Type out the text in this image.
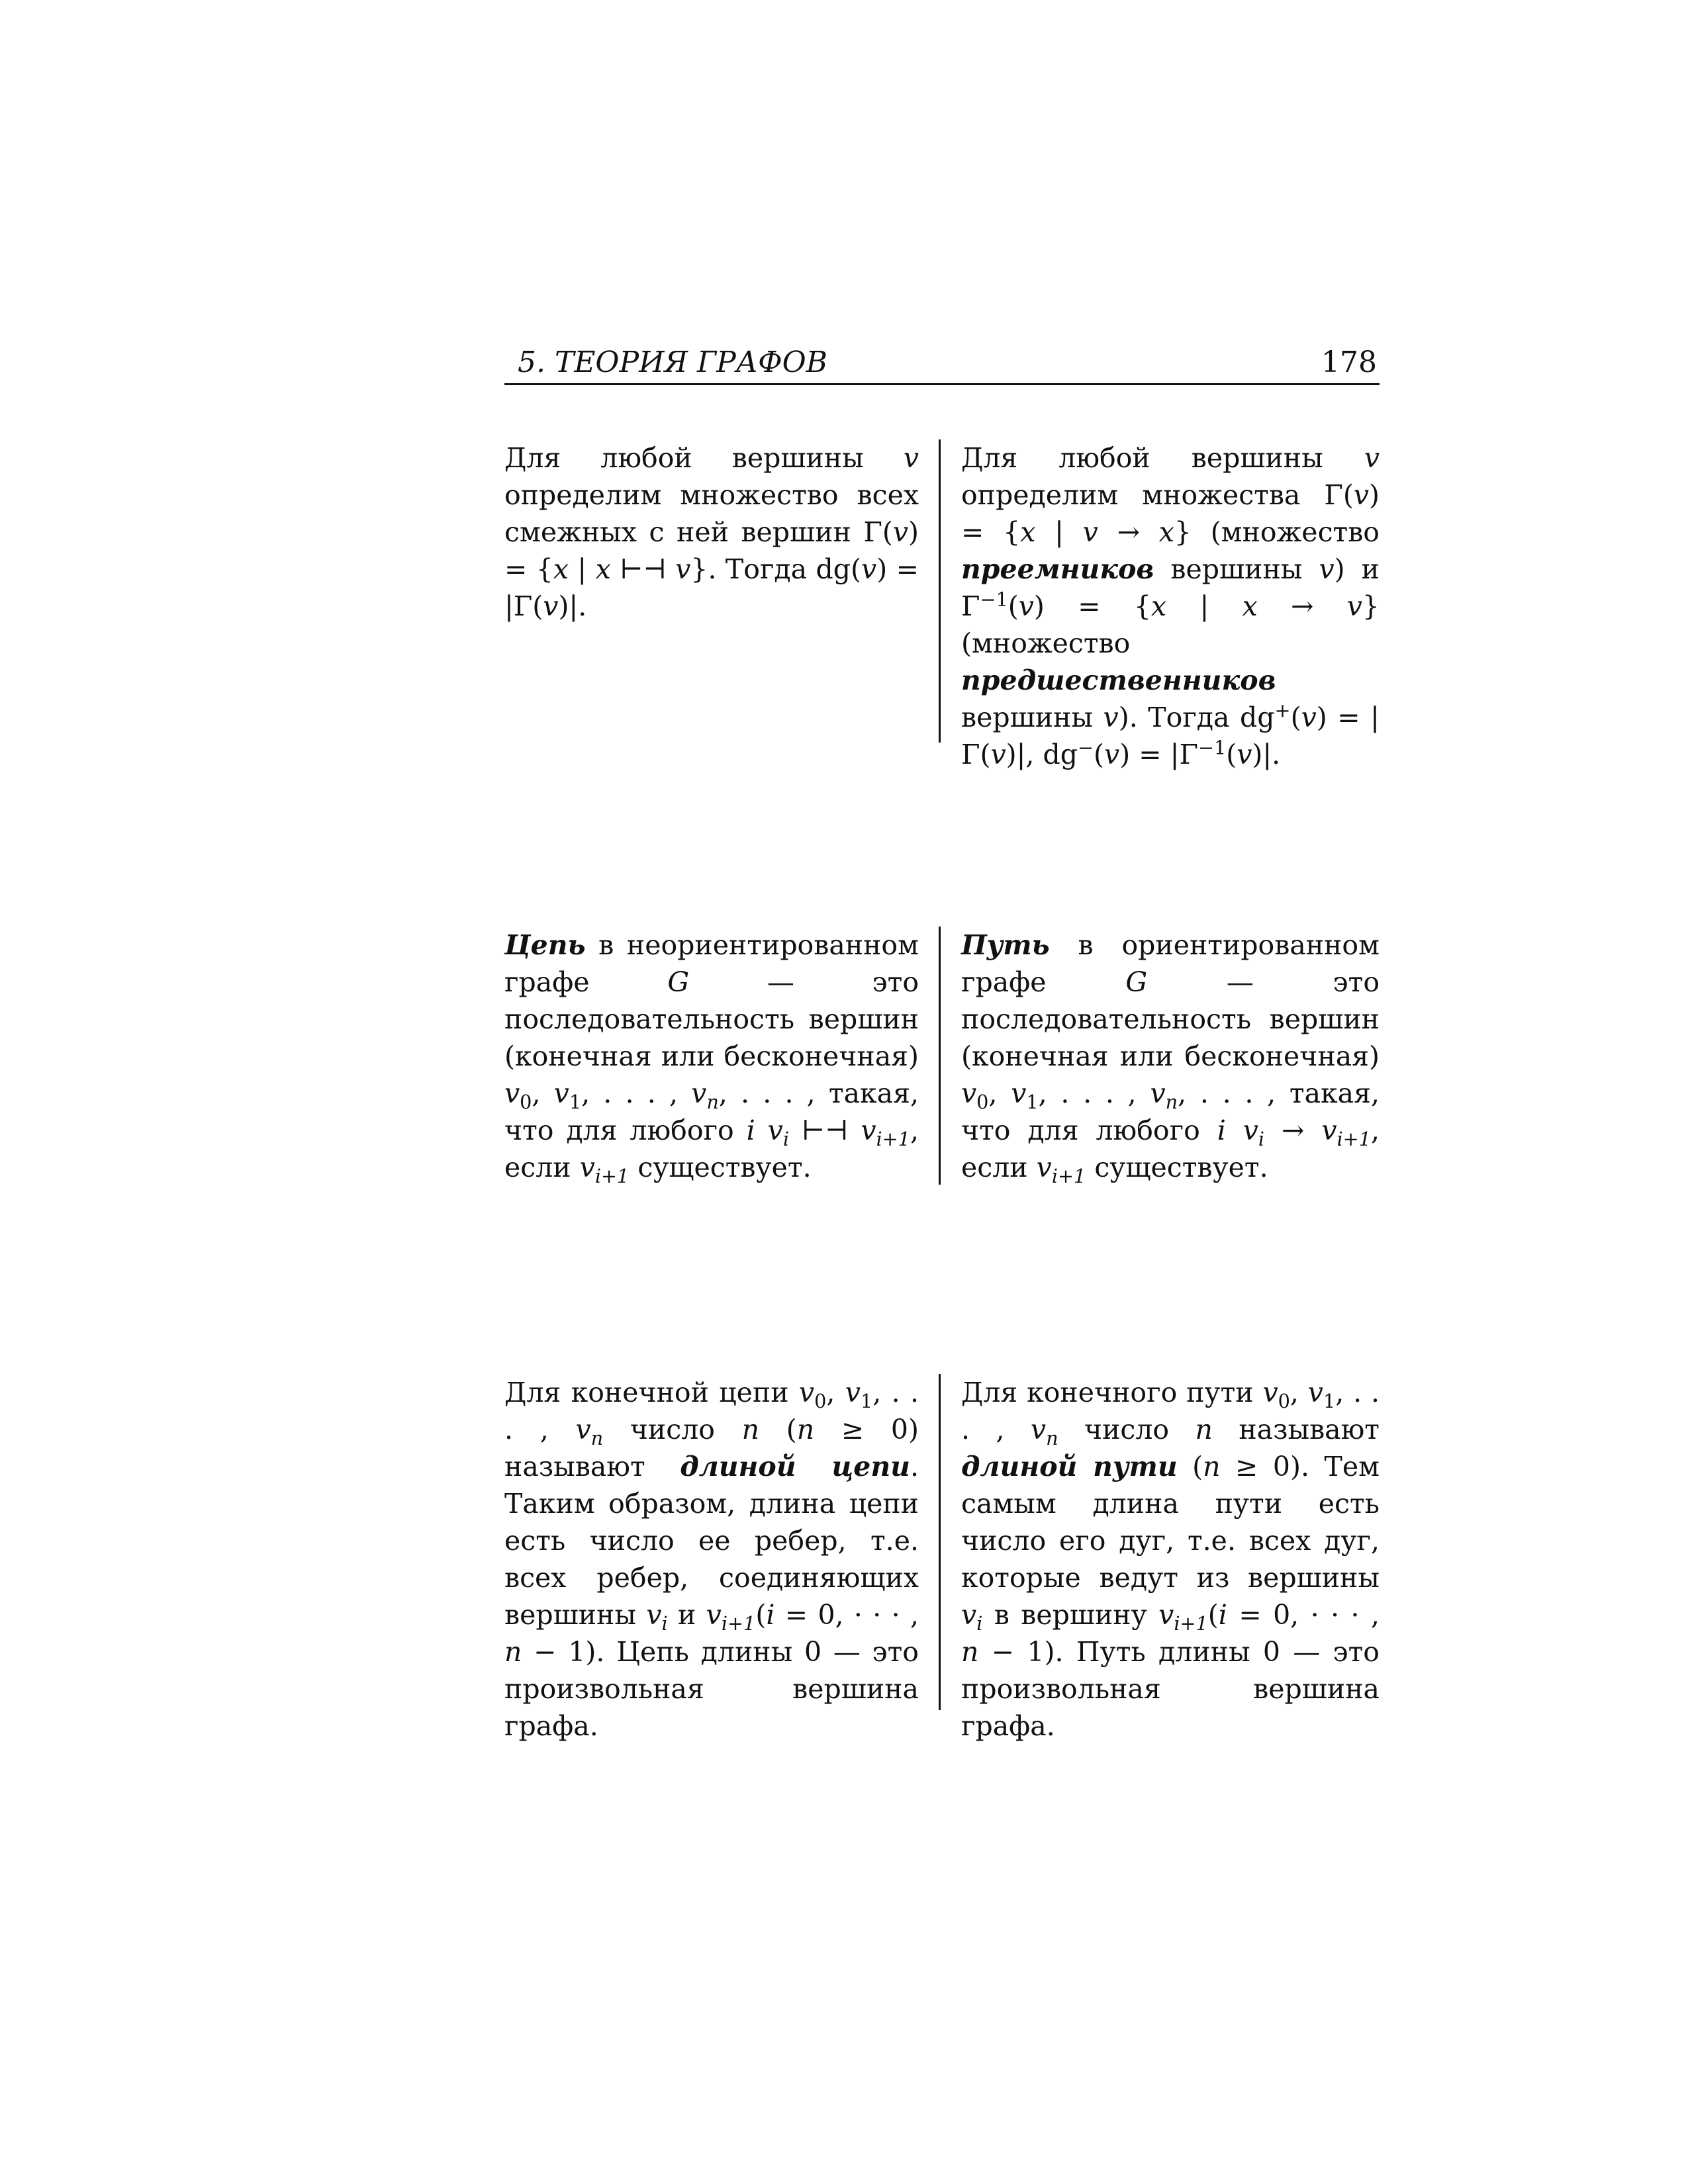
5. ТЕОРИЯ ГРАФОВ	178

Для любой вершины v определим множество всех смежных с ней вершин Γ(v) = {x | x ⊢⊣ v}. Тогда dg(v) = |Γ(v)|.

Для любой вершины v определим множества Γ(v) = {x | v → x} (множество преемников вершины v) и $\Gamma^{-1}(v) = \{x$ | x → v} (множество предшественников вершины v). Тогда dg+(v) = |Γ(v)|, $dg^-(v) = |\Gamma^{-1}(v)|$.

Цепь в неориентированном графе G — это последовательность вершин (конечная или бесконечная) $v_0$, $v_1$, . . . , $v_n$, . . . , такая, что для любого i $v_i$ ⊢⊣ $v_{i+1}$, если $v_{i+1}$ существует.

Путь в ориентированном графе G — это последовательность вершин (конечная или бесконечная) $v_0$, $v_1$, . . . , $v_n$, . . . , такая, что для любого i $v_i \to v_{i+1}$, если $v_{i+1}$ существует.

Для конечной цепи $v_0$, $v_1$, . . . , $v_n$ число n (n ≥ 0) называют длиной цепи. Таким образом, длина цепи есть число ее ребер, т.е. всех ребер, соединяющих вершины $v_i$ и $v_{i+1}(i = 0$, · · · , n − 1). Цепь длины 0 — это произвольная вершина графа.

Для конечного пути $v_0$, $v_1$, . . . , $v_n$ число n называют длиной пути (n ≥ 0). Тем самым длина пути есть число его дуг, т.е. всех дуг, которые ведут из вершины $v_i$ в вершину $v_{i+1}(i = 0$, · · · , n − 1). Путь длины 0 — это произвольная вершина графа.
